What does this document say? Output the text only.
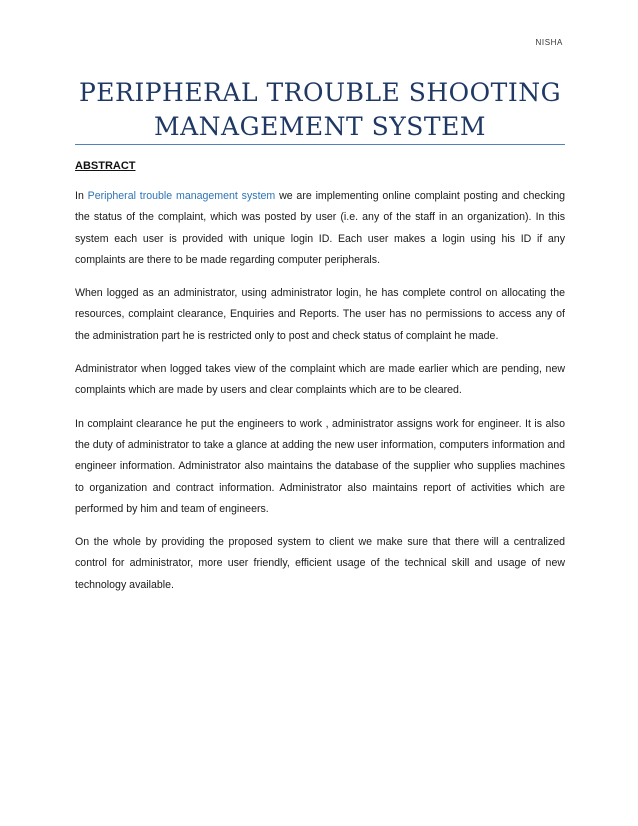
NISHA
PERIPHERAL TROUBLE SHOOTING
MANAGEMENT SYSTEM
ABSTRACT

In Peripheral trouble management system we are implementing online complaint posting and checking the status of the complaint, which was posted by user (i.e. any of the staff in an organization). In this system each user is provided with unique login ID. Each user makes a login using his ID if any complaints are there to be made regarding computer peripherals.

When logged as an administrator, using administrator login, he has complete control on allocating the resources, complaint clearance, Enquiries and Reports. The user has no permissions to access any of the administration part he is restricted only to post and check status of complaint he made.

Administrator when logged takes view of the complaint which are made earlier which are pending, new complaints which are made by users and clear complaints which are to be cleared.

In complaint clearance he put the engineers to work , administrator assigns work for engineer. It is also the duty of administrator to take a glance at adding the new user information, computers information and engineer information. Administrator also maintains the database of the supplier who supplies machines to organization and contract information. Administrator also maintains report of activities which are performed by him and team of engineers.

On the whole by providing the proposed system to client we make sure that there will a centralized control for administrator, more user friendly, efficient usage of the technical skill and usage of new technology available.
